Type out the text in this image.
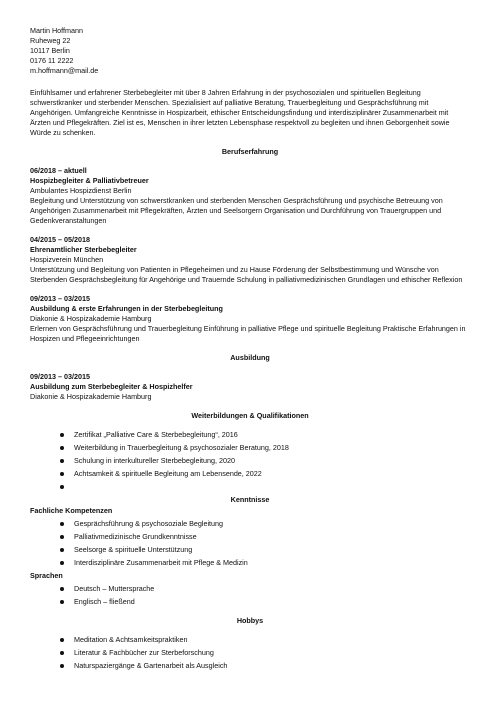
Martin Hoffmann
Ruheweg 22
10117 Berlin
0176 11 2222
m.hoffmann@mail.de
Einfühlsamer und erfahrener Sterbebegleiter mit über 8 Jahren Erfahrung in der psychosozialen und spirituellen Begleitung schwerstkranker und sterbender Menschen. Spezialisiert auf palliative Beratung, Trauerbegleitung und Gesprächsführung mit Angehörigen. Umfangreiche Kenntnisse in Hospizarbeit, ethischer Entscheidungsfindung und interdisziplinärer Zusammenarbeit mit Ärzten und Pflegekräften. Ziel ist es, Menschen in ihrer letzten Lebensphase respektvoll zu begleiten und ihnen Geborgenheit sowie Würde zu schenken.
Berufserfahrung
06/2018 – aktuell
Hospizbegleiter & Palliativbetreuer
Ambulantes Hospizdienst Berlin
Begleitung und Unterstützung von schwerstkranken und sterbenden Menschen Gesprächsführung und psychische Betreuung von Angehörigen Zusammenarbeit mit Pflegekräften, Ärzten und Seelsorgern Organisation und Durchführung von Trauergruppen und Gedenkveranstaltungen
04/2015 – 05/2018
Ehrenamtlicher Sterbebegleiter
Hospizverein München
Unterstützung und Begleitung von Patienten in Pflegeheimen und zu Hause Förderung der Selbstbestimmung und Wünsche von Sterbenden Gesprächsbegleitung für Angehörige und Trauernde Schulung in palliativmedizinischen Grundlagen und ethischer Reflexion
09/2013 – 03/2015
Ausbildung & erste Erfahrungen in der Sterbebegleitung
Diakonie & Hospizakademie Hamburg
Erlernen von Gesprächsführung und Trauerbegleitung Einführung in palliative Pflege und spirituelle Begleitung Praktische Erfahrungen in Hospizen und Pflegeeinrichtungen
Ausbildung
09/2013 – 03/2015
Ausbildung zum Sterbebegleiter & Hospizhelfer
Diakonie & Hospizakademie Hamburg
Weiterbildungen & Qualifikationen
Zertifikat „Palliative Care & Sterbebegleitung“, 2016
Weiterbildung in Trauerbegleitung & psychosozialer Beratung, 2018
Schulung in interkultureller Sterbebegleitung, 2020
Achtsamkeit & spirituelle Begleitung am Lebensende, 2022
Kenntnisse
Fachliche Kompetenzen
Gesprächsführung & psychosoziale Begleitung
Palliativmedizinische Grundkenntnisse
Seelsorge & spirituelle Unterstützung
Interdisziplinäre Zusammenarbeit mit Pflege & Medizin
Sprachen
Deutsch – Muttersprache
Englisch – fließend
Hobbys
Meditation & Achtsamkeitspraktiken
Literatur & Fachbücher zur Sterbeforschung
Naturspaziergänge & Gartenarbeit als Ausgleich
